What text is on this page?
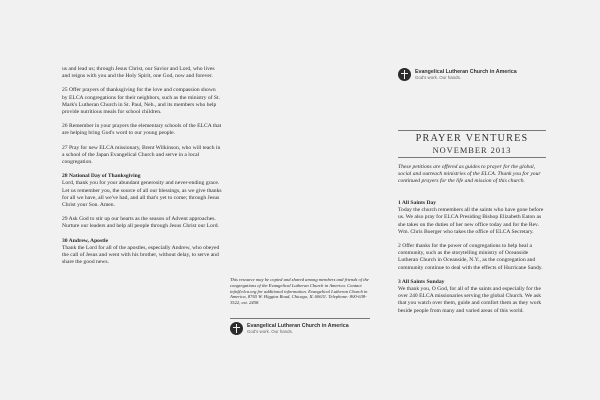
us and lead us; through Jesus Christ, our Savior and Lord, who lives and reigns with you and the Holy Spirit, one God, now and forever.

25 Offer prayers of thanksgiving for the love and compassion shown by ELCA congregations for their neighbors, such as the ministry of St. Mark's Lutheran Church in St. Paul, Neb., and its members who help provide nutritious meals for school children.

26 Remember in your prayers the elementary schools of the ELCA that are helping bring God's word to our young people.

27 Pray for new ELCA missionary, Brent Wilkinson, who will teach in a school of the Japan Evangelical Church and serve in a local congregation.

28 National Day of Thanksgiving
Lord, thank you for your abundant generosity and never-ending grace. Let us remember you, the source of all our blessings, as we give thanks for all we have, all we've had, and all that's yet to come; through Jesus Christ your Son. Amen.

29 Ask God to stir up our hearts as the season of Advent approaches. Nurture our leaders and help all people through Jesus Christ our Lord.

30 Andrew, Apostle
Thank the Lord for all of the apostles, especially Andrew, who obeyed the call of Jesus and went with his brother, without delay, to serve and share the good news.

This resource may be copied and shared among members and friends of the congregations of the Evangelical Lutheran Church in America. Contact info@elca.org for additional information. Evangelical Lutheran Church in America, 8765 W. Higgins Road, Chicago, IL 60631. Telephone: 800-638-3522, ext. 2458.

Evangelical Lutheran Church in America
God's work. Our hands.
Evangelical Lutheran Church in America
God's work. Our hands.
PRAYER VENTURES
NOVEMBER 2013

These petitions are offered as guides to prayer for the global, social and outreach ministries of the ELCA. Thank you for your continued prayers for the life and mission of this church.

1 All Saints Day
Today the church remembers all the saints who have gone before us. We also pray for ELCA Presiding Bishop Elizabeth Eaton as she takes on the duties of her new office today and for the Rev. Wm. Chris Boerger who takes the office of ELCA Secretary.

2 Offer thanks for the power of congregations to help heal a community, such as the storytelling ministry of Oceanside Lutheran Church in Oceanside, N.Y., as the congregation and community continue to deal with the effects of Hurricane Sandy.

3 All Saints Sunday
We thank you, O God, for all of the saints and especially for the over 240 ELCA missionaries serving the global Church. We ask that you watch over them, guide and comfort them as they work beside people from many and varied areas of this world.
